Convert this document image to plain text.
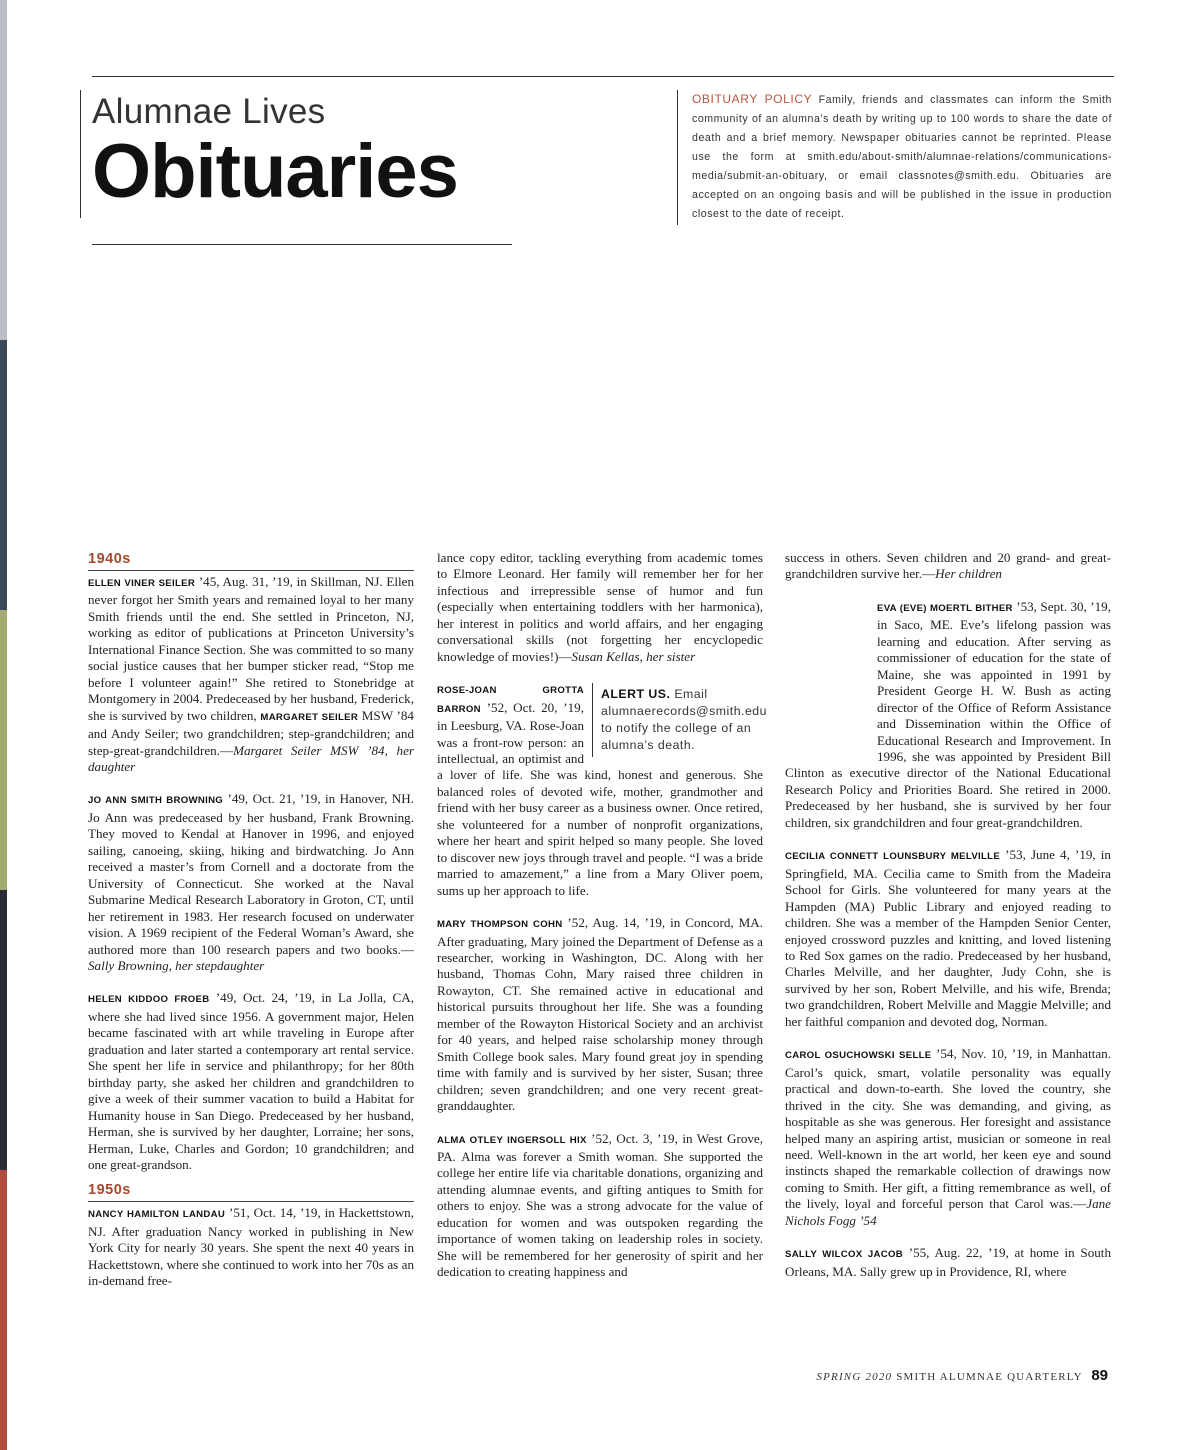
Alumnae Lives
Obituaries
OBITUARY POLICY Family, friends and classmates can inform the Smith community of an alumna’s death by writing up to 100 words to share the date of death and a brief memory. Newspaper obituaries cannot be reprinted. Please use the form at smith.edu/about-smith/alumnae-relations/communications-media/submit-an-obituary, or email classnotes@smith.edu. Obituaries are accepted on an ongoing basis and will be published in the issue in production closest to the date of receipt.
1940s

ELLEN VINER SEILER ’45, Aug. 31, ’19, in Skillman, NJ. Ellen never forgot her Smith years and remained loyal to her many Smith friends until the end. She settled in Princeton, NJ, working as editor of publications at Princeton University’s International Finance Section. She was committed to so many social justice causes that her bumper sticker read, “Stop me before I volunteer again!” She retired to Stonebridge at Montgomery in 2004. Predeceased by her husband, Frederick, she is survived by two children, MARGARET SEILER MSW ’84 and Andy Seiler; two grandchildren; step-grandchildren; and step-great-grandchildren.—Margaret Seiler MSW ’84, her daughter

JO ANN SMITH BROWNING ’49, Oct. 21, ’19, in Hanover, NH. Jo Ann was predeceased by her husband, Frank Browning. They moved to Kendal at Hanover in 1996, and enjoyed sailing, canoeing, skiing, hiking and birdwatching. Jo Ann received a master’s from Cornell and a doctorate from the University of Connecticut. She worked at the Naval Submarine Medical Research Laboratory in Groton, CT, until her retirement in 1983. Her research focused on underwater vision. A 1969 recipient of the Federal Woman’s Award, she authored more than 100 research papers and two books.—Sally Browning, her stepdaughter

HELEN KIDDOO FROEB ’49, Oct. 24, ’19, in La Jolla, CA, where she had lived since 1956. A government major, Helen became fascinated with art while traveling in Europe after graduation and later started a contemporary art rental service. She spent her life in service and philanthropy; for her 80th birthday party, she asked her children and grandchildren to give a week of their summer vacation to build a Habitat for Humanity house in San Diego. Predeceased by her husband, Herman, she is survived by her daughter, Lorraine; her sons, Herman, Luke, Charles and Gordon; 10 grandchildren; and one great-grandson.

1950s

NANCY HAMILTON LANDAU ’51, Oct. 14, ’19, in Hackettstown, NJ. After graduation Nancy worked in publishing in New York City for nearly 30 years. She spent the next 40 years in Hackettstown, where she continued to work into her 70s as an in-demand free-

lance copy editor, tackling everything from academic tomes to Elmore Leonard. Her family will remember her for her infectious and irrepressible sense of humor and fun (especially when entertaining toddlers with her harmonica), her interest in politics and world affairs, and her engaging conversational skills (not forgetting her encyclopedic knowledge of movies!)—Susan Kellas, her sister

ALERT US. Email alumnaerecords@smith.edu to notify the college of an alumna’s death.

ROSE-JOAN GROTTA BARRON ’52, Oct. 20, ’19, in Leesburg, VA. Rose-Joan was a front-row person: an intellectual, an optimist and a lover of life. She was kind, honest and generous. She balanced roles of devoted wife, mother, grandmother and friend with her busy career as a business owner. Once retired, she volunteered for a number of nonprofit organizations, where her heart and spirit helped so many people. She loved to discover new joys through travel and people. “I was a bride married to amazement,” a line from a Mary Oliver poem, sums up her approach to life.

MARY THOMPSON COHN ’52, Aug. 14, ’19, in Concord, MA. After graduating, Mary joined the Department of Defense as a researcher, working in Washington, DC. Along with her husband, Thomas Cohn, Mary raised three children in Rowayton, CT. She remained active in educational and historical pursuits throughout her life. She was a founding member of the Rowayton Historical Society and an archivist for 40 years, and helped raise scholarship money through Smith College book sales. Mary found great joy in spending time with family and is survived by her sister, Susan; three children; seven grandchildren; and one very recent great-granddaughter.

ALMA OTLEY INGERSOLL HIX ’52, Oct. 3, ’19, in West Grove, PA. Alma was forever a Smith woman. She supported the college her entire life via charitable donations, organizing and attending alumnae events, and gifting antiques to Smith for others to enjoy. She was a strong advocate for the value of education for women and was outspoken regarding the importance of women taking on leadership roles in society. She will be remembered for her generosity of spirit and her dedication to creating happiness and

success in others. Seven children and 20 grand- and great-grandchildren survive her.—Her children

EVA (EVE) MOERTL BITHER ’53, Sept. 30, ’19, in Saco, ME. Eve’s lifelong passion was learning and education. After serving as commissioner of education for the state of Maine, she was appointed in 1991 by President George H. W. Bush as acting director of the Office of Reform Assistance and Dissemination within the Office of Educational Research and Improvement. In 1996, she was appointed by President Bill Clinton as executive director of the National Educational Research Policy and Priorities Board. She retired in 2000. Predeceased by her husband, she is survived by her four children, six grandchildren and four great-grandchildren.

CECILIA CONNETT LOUNSBURY MELVILLE ’53, June 4, ’19, in Springfield, MA. Cecilia came to Smith from the Madeira School for Girls. She volunteered for many years at the Hampden (MA) Public Library and enjoyed reading to children. She was a member of the Hampden Senior Center, enjoyed crossword puzzles and knitting, and loved listening to Red Sox games on the radio. Predeceased by her husband, Charles Melville, and her daughter, Judy Cohn, she is survived by her son, Robert Melville, and his wife, Brenda; two grandchildren, Robert Melville and Maggie Melville; and her faithful companion and devoted dog, Norman.

CAROL OSUCHOWSKI SELLE ’54, Nov. 10, ’19, in Manhattan. Carol’s quick, smart, volatile personality was equally practical and down-to-earth. She loved the country, she thrived in the city. She was demanding, and giving, as hospitable as she was generous. Her foresight and assistance helped many an aspiring artist, musician or someone in real need. Well-known in the art world, her keen eye and sound instincts shaped the remarkable collection of drawings now coming to Smith. Her gift, a fitting remembrance as well, of the lively, loyal and forceful person that Carol was.—Jane Nichols Fogg ’54

SALLY WILCOX JACOB ’55, Aug. 22, ’19, at home in South Orleans, MA. Sally grew up in Providence, RI, where

SPRING 2020 SMITH ALUMNAE QUARTERLY 89
